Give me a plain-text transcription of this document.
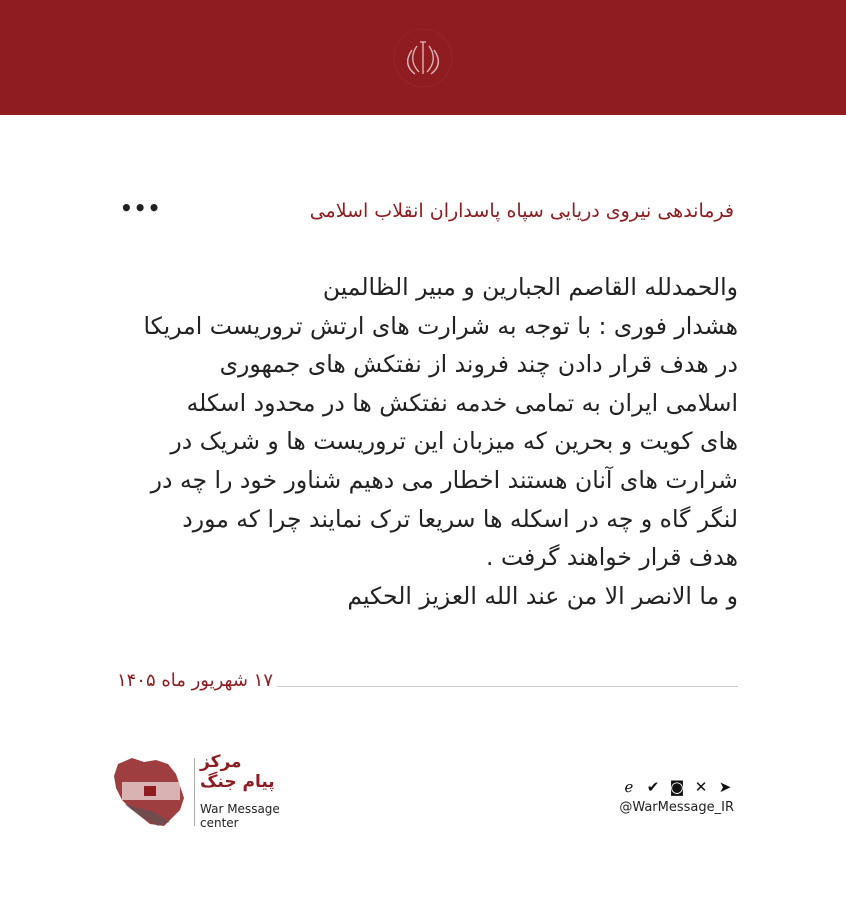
فرماندهی نیروی دریایی سپاه پاسداران انقلاب اسلامی
•••
والحمدلله القاصم الجبارین و مبیر الظالمین
هشدار فوری : با توجه به شرارت های ارتش تروریست امریکا
در هدف قرار دادن چند فروند از نفتکش های جمهوری
اسلامی ایران به تمامی خدمه نفتکش ها در محدود اسکله
های کویت و بحرین که میزبان این تروریست ها و شریک در
شرارت های آنان هستند اخطار می دهیم شناور خود را چه در
لنگر گاه و چه در اسکله ها سریعا ترک نمایند چرا که مورد
هدف قرار خواهند گرفت .
و ما الانصر الا من عند الله العزیز الحکیم
۱۷ شهریور ماه ۱۴۰۵
مرکز
پیام جنگ
War Message
center
➤
✕
◙
✔
ℯ
@WarMessage_IR
